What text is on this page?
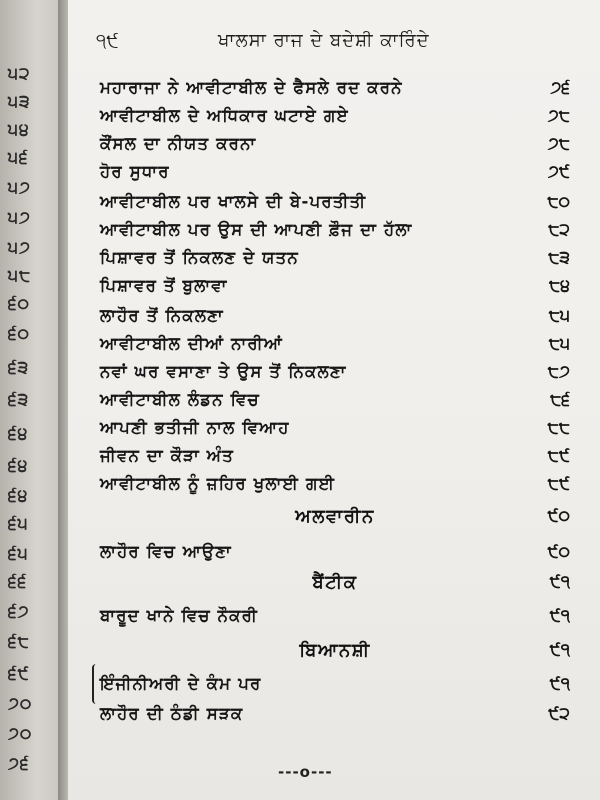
੫੨
੫੩
੫੪
੫੬
੫੭
੫੭
੫੭
੫੮
੬੦
੬੦
੬੩
੬੩
੬੪
੬੪
੬੪
੬੫
੬੫
੬੬
੬੭
੬੮
੬੯
੭੦
੭੦
੭੬
੧੯	ਖਾਲਸਾ ਰਾਜ ਦੇ ਬਦੇਸ਼ੀ ਕਾਰਿੰਦੇ
ਮਹਾਰਾਜਾ ਨੇ ਆਵੀਟਾਬੀਲ ਦੇ ਫੈਸਲੇ ਰਦ ਕਰਨੇ	੭੬
ਆਵੀਟਾਬੀਲ ਦੇ ਅਧਿਕਾਰ ਘਟਾਏ ਗਏ	੭੮
ਕੌਂਸਲ ਦਾ ਨੀਯਤ ਕਰਨਾ	੭੮
ਹੋਰ ਸੁਧਾਰ	੭੯
ਆਵੀਟਾਬੀਲ ਪਰ ਖਾਲਸੇ ਦੀ ਬੇ-ਪਰਤੀਤੀ	੮੦
ਆਵੀਟਾਬੀਲ ਪਰ ਉਸ ਦੀ ਆਪਣੀ ਫ਼ੌਜ ਦਾ ਹੱਲਾ	੮੨
ਪਿਸ਼ਾਵਰ ਤੋਂ ਨਿਕਲਣ ਦੇ ਯਤਨ	੮੩
ਪਿਸ਼ਾਵਰ ਤੋਂ ਬੁਲਾਵਾ	੮੪
ਲਾਹੌਰ ਤੋਂ ਨਿਕਲਣਾ	੮੫
ਆਵੀਟਾਬੀਲ ਦੀਆਂ ਨਾਰੀਆਂ	੮੫
ਨਵਾਂ ਘਰ ਵਸਾਣਾ ਤੇ ਉਸ ਤੋਂ ਨਿਕਲਣਾ	੮੭
ਆਵੀਟਾਬੀਲ ਲੰਡਨ ਵਿਚ	੮੬
ਆਪਣੀ ਭਤੀਜੀ ਨਾਲ ਵਿਆਹ	੮੮
ਜੀਵਨ ਦਾ ਕੌੜਾ ਅੰਤ	੮੯
ਆਵੀਟਾਬੀਲ ਨੂੰ ਜ਼ਹਿਰ ਖੁਲਾਈ ਗਈ	੮੯
ਅਲਵਾਰੀਨ	੯੦
ਲਾਹੌਰ ਵਿਚ ਆਉਣਾ	੯੦
ਬੈਂਟੀਕ	੯੧
ਬਾਰੂਦ ਖਾਨੇ ਵਿਚ ਨੌਕਰੀ	੯੧
ਬਿਆਨਸ਼ੀ	੯੧
ਇੰਜੀਨੀਅਰੀ ਦੇ ਕੰਮ ਪਰ	੯੧
ਲਾਹੌਰ ਦੀ ਠੰਡੀ ਸੜਕ	੯੨
---o---
